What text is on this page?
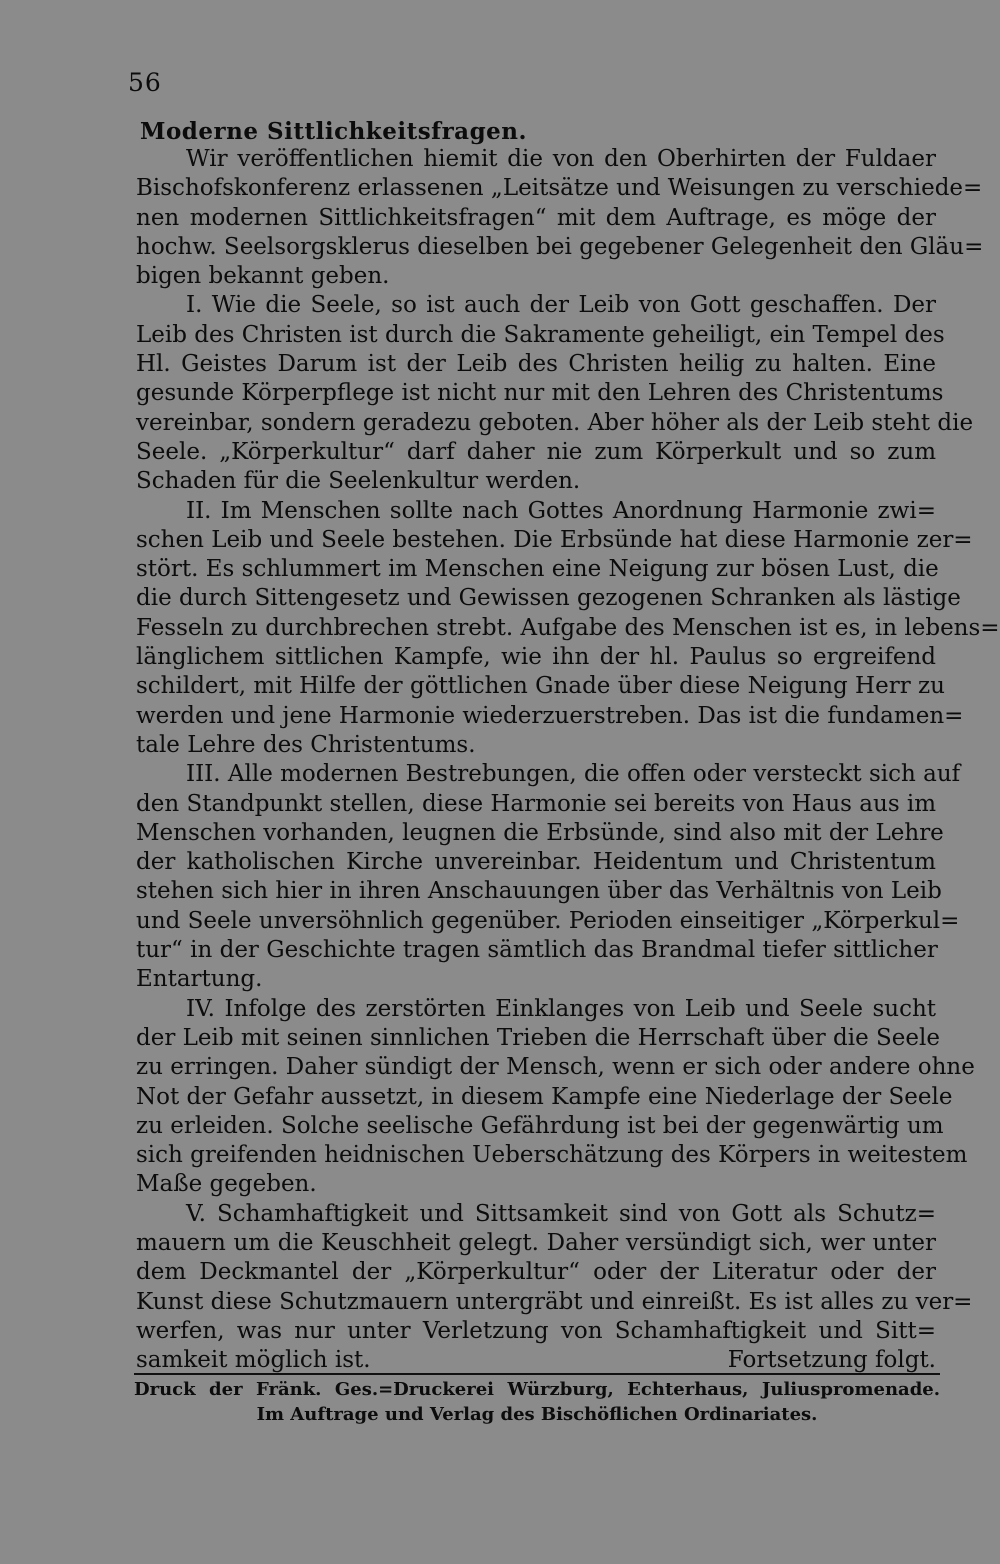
56
Moderne Sittlichkeitsfragen.
Wir veröffentlichen hiemit die von den Oberhirten der Fuldaer
Bischofskonferenz erlassenen „Leitsätze und Weisungen zu verschiede=
nen modernen Sittlichkeitsfragen“ mit dem Auftrage, es möge der
hochw. Seelsorgsklerus dieselben bei gegebener Gelegenheit den Gläu=
bigen bekannt geben.
I. Wie die Seele, so ist auch der Leib von Gott geschaffen. Der
Leib des Christen ist durch die Sakramente geheiligt, ein Tempel des
Hl. Geistes Darum ist der Leib des Christen heilig zu halten. Eine
gesunde Körperpflege ist nicht nur mit den Lehren des Christentums
vereinbar, sondern geradezu geboten. Aber höher als der Leib steht die
Seele. „Körperkultur“ darf daher nie zum Körperkult und so zum
Schaden für die Seelenkultur werden.
II. Im Menschen sollte nach Gottes Anordnung Harmonie zwi=
schen Leib und Seele bestehen. Die Erbsünde hat diese Harmonie zer=
stört. Es schlummert im Menschen eine Neigung zur bösen Lust, die
die durch Sittengesetz und Gewissen gezogenen Schranken als lästige
Fesseln zu durchbrechen strebt. Aufgabe des Menschen ist es, in lebens=
länglichem sittlichen Kampfe, wie ihn der hl. Paulus so ergreifend
schildert, mit Hilfe der göttlichen Gnade über diese Neigung Herr zu
werden und jene Harmonie wiederzuerstreben. Das ist die fundamen=
tale Lehre des Christentums.
III. Alle modernen Bestrebungen, die offen oder versteckt sich auf
den Standpunkt stellen, diese Harmonie sei bereits von Haus aus im
Menschen vorhanden, leugnen die Erbsünde, sind also mit der Lehre
der katholischen Kirche unvereinbar. Heidentum und Christentum
stehen sich hier in ihren Anschauungen über das Verhältnis von Leib
und Seele unversöhnlich gegenüber. Perioden einseitiger „Körperkul=
tur“ in der Geschichte tragen sämtlich das Brandmal tiefer sittlicher
Entartung.
IV. Infolge des zerstörten Einklanges von Leib und Seele sucht
der Leib mit seinen sinnlichen Trieben die Herrschaft über die Seele
zu erringen. Daher sündigt der Mensch, wenn er sich oder andere ohne
Not der Gefahr aussetzt, in diesem Kampfe eine Niederlage der Seele
zu erleiden. Solche seelische Gefährdung ist bei der gegenwärtig um
sich greifenden heidnischen Ueberschätzung des Körpers in weitestem
Maße gegeben.
V. Schamhaftigkeit und Sittsamkeit sind von Gott als Schutz=
mauern um die Keuschheit gelegt. Daher versündigt sich, wer unter
dem Deckmantel der „Körperkultur“ oder der Literatur oder der
Kunst diese Schutzmauern untergräbt und einreißt. Es ist alles zu ver=
werfen, was nur unter Verletzung von Schamhaftigkeit und Sitt=
samkeit möglich ist.	Fortsetzung folgt.
Druck der Fränk. Ges.=Druckerei Würzburg, Echterhaus, Juliuspromenade.
Im Auftrage und Verlag des Bischöflichen Ordinariates.
